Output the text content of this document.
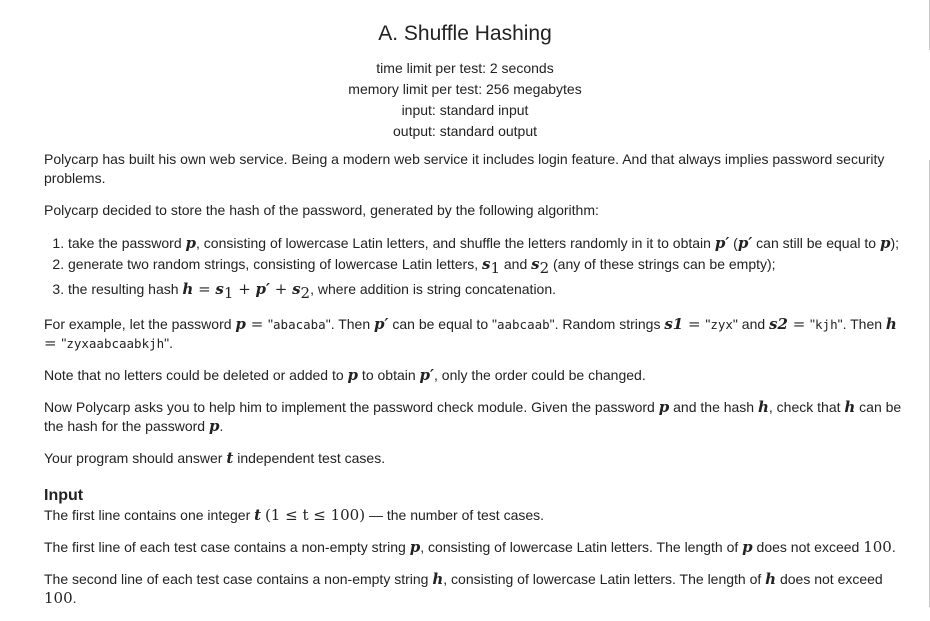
A. Shuffle Hashing
time limit per test: 2 seconds
memory limit per test: 256 megabytes
input: standard input
output: standard output

Polycarp has built his own web service. Being a modern web service it includes login feature. And that always implies password security problems.

Polycarp decided to store the hash of the password, generated by the following algorithm:

1. take the password p, consisting of lowercase Latin letters, and shuffle the letters randomly in it to obtain p′ (p′ can still be equal to p);
2. generate two random strings, consisting of lowercase Latin letters, $s_1$ and $s_2$ (any of these strings can be empty);
3. the resulting hash $h = s_1 + p' + s_2$, where addition is string concatenation.

For example, let the password p = "abacaba". Then p′ can be equal to "aabcaab". Random strings s1 = "zyx" and s2 = "kjh". Then h = "zyxaabcaabkjh".

Note that no letters could be deleted or added to p to obtain p′, only the order could be changed.

Now Polycarp asks you to help him to implement the password check module. Given the password p and the hash h, check that h can be the hash for the password p.

Your program should answer t independent test cases.

Input

The first line contains one integer t (1 ≤ t ≤ 100) — the number of test cases.

The first line of each test case contains a non-empty string p, consisting of lowercase Latin letters. The length of p does not exceed 100.

The second line of each test case contains a non-empty string h, consisting of lowercase Latin letters. The length of h does not exceed 100.
